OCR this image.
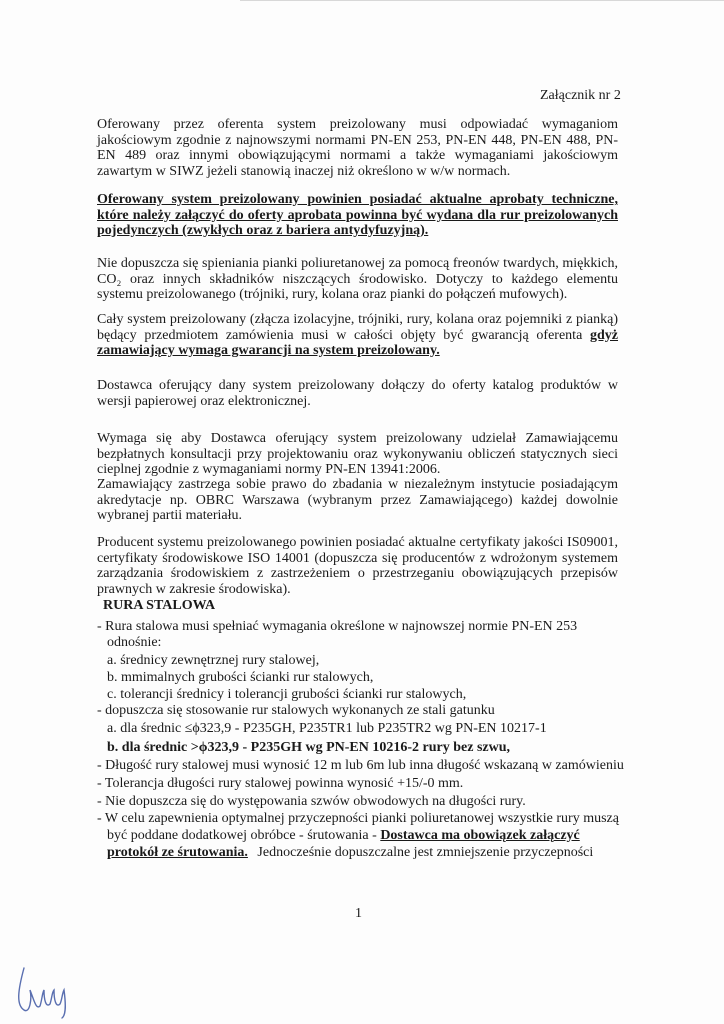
Załącznik nr 2
Oferowany przez oferenta system preizolowany musi odpowiadać wymaganiom jakościowym zgodnie z najnowszymi normami PN-EN 253, PN-EN 448, PN-EN 488, PN-EN 489 oraz innymi obowiązującymi normami a także wymaganiami jakościowym zawartym w SIWZ jeżeli stanowią inaczej niż określono w w/w normach.
Oferowany system preizolowany powinien posiadać aktualne aprobaty techniczne, które należy załączyć do oferty aprobata powinna być wydana dla rur preizolowanych pojedynczych (zwykłych oraz z bariera antydyfuzyjną).
Nie dopuszcza się spieniania pianki poliuretanowej za pomocą freonów twardych, miękkich, CO₂ oraz innych składników niszczących środowisko. Dotyczy to każdego elementu systemu preizolowanego (trójniki, rury, kolana oraz pianki do połączeń mufowych).
Cały system preizolowany (złącza izolacyjne, trójniki, rury, kolana oraz pojemniki z pianką) będący przedmiotem zamówienia musi w całości objęty być gwarancją oferenta gdyż zamawiający wymaga gwarancji na system preizolowany.
Dostawca oferujący dany system preizolowany dołączy do oferty katalog produktów w wersji papierowej oraz elektronicznej.
Wymaga się aby Dostawca oferujący system preizolowany udzielał Zamawiającemu bezpłatnych konsultacji przy projektowaniu oraz wykonywaniu obliczeń statycznych sieci cieplnej zgodnie z wymaganiami normy PN-EN 13941:2006.
Zamawiający zastrzega sobie prawo do zbadania w niezależnym instytucie posiadającym akredytacje np. OBRC Warszawa (wybranym przez Zamawiającego) każdej dowolnie wybranej partii materiału.
Producent systemu preizolowanego powinien posiadać aktualne certyfikaty jakości IS09001, certyfikaty środowiskowe ISO 14001 (dopuszcza się producentów z wdrożonym systemem zarządzania środowiskiem z zastrzeżeniem o przestrzeganiu obowiązujących przepisów prawnych w zakresie środowiska).
RURA STALOWA
- Rura stalowa musi spełniać wymagania określone w najnowszej normie PN-EN 253
odnośnie:
a. średnicy zewnętrznej rury stalowej,
b. mmimalnych grubości ścianki rur stalowych,
c. tolerancji średnicy i tolerancji grubości ścianki rur stalowych,
- dopuszcza się stosowanie rur stalowych wykonanych ze stali gatunku
a. dla średnic ≤ϕ323,9 - P235GH, P235TR1 lub P235TR2 wg PN-EN 10217-1
b. dla średnic >ϕ323,9 - P235GH wg PN-EN 10216-2 rury bez szwu,
- Długość rury stalowej musi wynosić 12 m lub 6m lub inna długość wskazaną w zamówieniu
- Tolerancja długości rury stalowej powinna wynosić +15/-0 mm.
- Nie dopuszcza się do występowania szwów obwodowych na długości rury.
- W celu zapewnienia optymalnej przyczepności pianki poliuretanowej wszystkie rury muszą
być poddane dodatkowej obróbce - śrutowania - Dostawca ma obowiązek załączyć
protokół ze śrutowania. Jednocześnie dopuszczalne jest zmniejszenie przyczepności
1
